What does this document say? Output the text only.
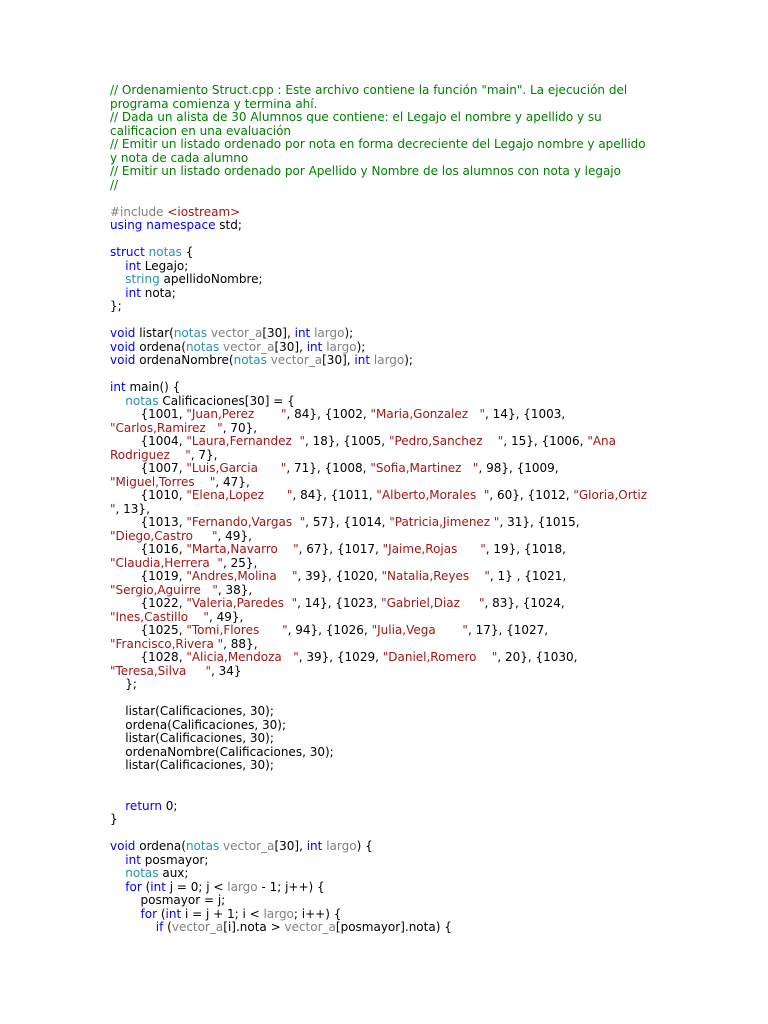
// Ordenamiento Struct.cpp : Este archivo contiene la función "main". La ejecución del
programa comienza y termina ahí.
// Dada un alista de 30 Alumnos que contiene: el Legajo el nombre y apellido y su
calificacion en una evaluación
// Emitir un listado ordenado por nota en forma decreciente del Legajo nombre y apellido
y nota de cada alumno
// Emitir un listado ordenado por Apellido y Nombre de los alumnos con nota y legajo
//

#include <iostream>
using namespace std;

struct notas {
int Legajo;
string apellidoNombre;
int nota;
};

void listar(notas vector_a[30], int largo);
void ordena(notas vector_a[30], int largo);
void ordenaNombre(notas vector_a[30], int largo);

int main() {
notas Calificaciones[30] = {
{1001, "Juan,Perez       ", 84}, {1002, "Maria,Gonzalez   ", 14}, {1003,
"Carlos,Ramirez   ", 70},
{1004, "Laura,Fernandez  ", 18}, {1005, "Pedro,Sanchez    ", 15}, {1006, "Ana
Rodriguez    ", 7},
{1007, "Luis,Garcia      ", 71}, {1008, "Sofia,Martinez   ", 98}, {1009,
"Miguel,Torres    ", 47},
{1010, "Elena,Lopez      ", 84}, {1011, "Alberto,Morales  ", 60}, {1012, "Gloria,Ortiz
", 13},
{1013, "Fernando,Vargas  ", 57}, {1014, "Patricia,Jimenez ", 31}, {1015,
"Diego,Castro     ", 49},
{1016, "Marta,Navarro    ", 67}, {1017, "Jaime,Rojas      ", 19}, {1018,
"Claudia,Herrera  ", 25},
{1019, "Andres,Molina    ", 39}, {1020, "Natalia,Reyes    ", 1} , {1021,
"Sergio,Aguirre   ", 38},
{1022, "Valeria,Paredes  ", 14}, {1023, "Gabriel,Diaz     ", 83}, {1024,
"Ines,Castillo    ", 49},
{1025, "Tomi,Flores      ", 94}, {1026, "Julia,Vega       ", 17}, {1027,
"Francisco,Rivera ", 88},
{1028, "Alicia,Mendoza   ", 39}, {1029, "Daniel,Romero    ", 20}, {1030,
"Teresa,Silva     ", 34}
};

listar(Calificaciones, 30);
ordena(Calificaciones, 30);
listar(Calificaciones, 30);
ordenaNombre(Calificaciones, 30);
listar(Calificaciones, 30);

return 0;
}

void ordena(notas vector_a[30], int largo) {
int posmayor;
notas aux;
for (int j = 0; j < largo - 1; j++) {
posmayor = j;
for (int i = j + 1; i < largo; i++) {
if (vector_a[i].nota > vector_a[posmayor].nota) {
